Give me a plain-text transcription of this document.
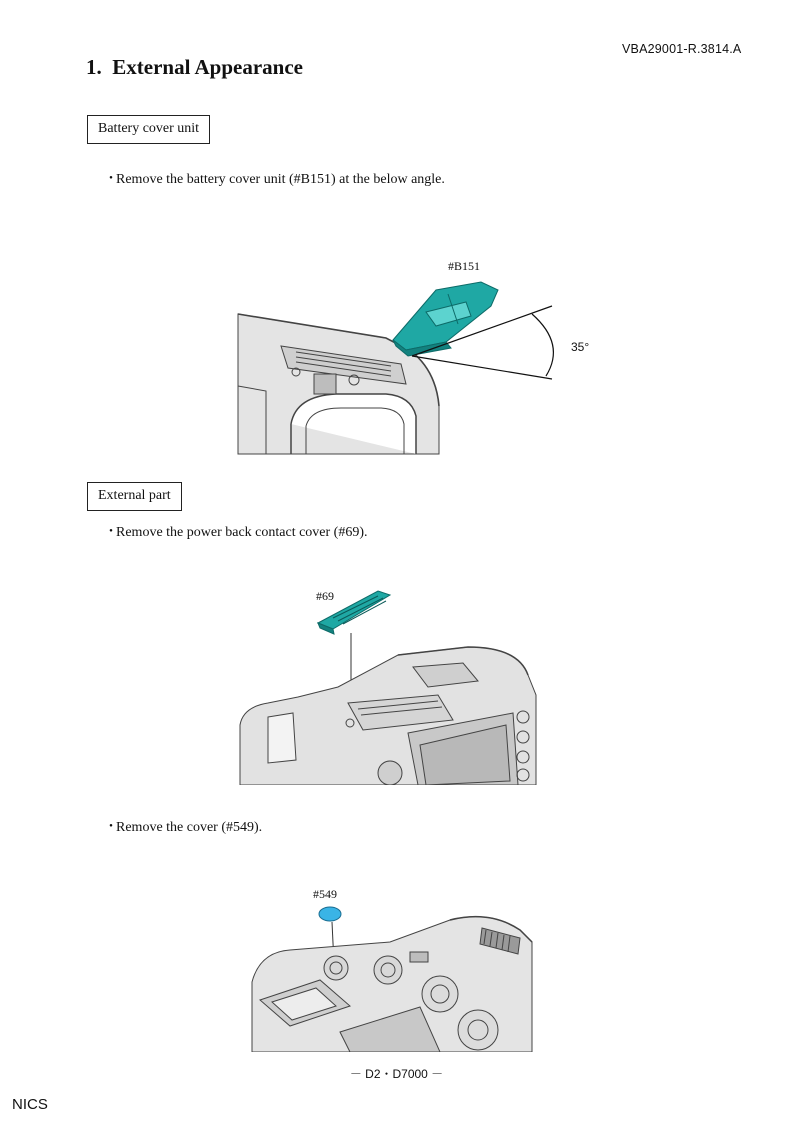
VBA29001-R.3814.A
1. External Appearance
Battery cover unit
・Remove the battery cover unit (#B151) at the below angle.
#B151
35°
External part
・Remove the power back contact cover (#69).
#69
・Remove the cover (#549).
#549
－ D2・D7000 －
NICS
